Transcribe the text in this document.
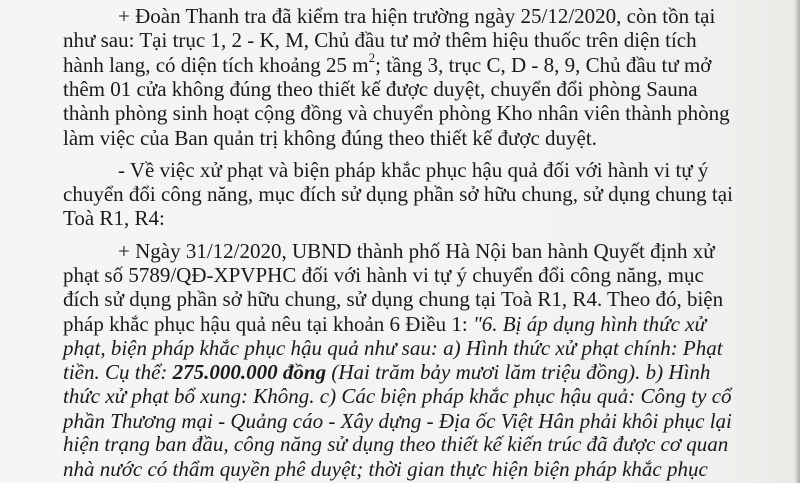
+ Đoàn Thanh tra đã kiểm tra hiện trường ngày 25/12/2020, còn tồn tại
như sau: Tại trục 1, 2 - K, M, Chủ đầu tư mở thêm hiệu thuốc trên diện tích
hành lang, có diện tích khoảng 25 $m^2$; tầng 3, trục C, D - 8, 9, Chủ đầu tư mở
thêm 01 cửa không đúng theo thiết kế được duyệt, chuyển đổi phòng Sauna
thành phòng sinh hoạt cộng đồng và chuyển phòng Kho nhân viên thành phòng
làm việc của Ban quản trị không đúng theo thiết kế được duyệt.
- Về việc xử phạt và biện pháp khắc phục hậu quả đối với hành vi tự ý
chuyển đổi công năng, mục đích sử dụng phần sở hữu chung, sử dụng chung tại
Toà R1, R4:
+ Ngày 31/12/2020, UBND thành phố Hà Nội ban hành Quyết định xử
phạt số 5789/QĐ-XPVPHC đối với hành vi tự ý chuyển đổi công năng, mục
đích sử dụng phần sở hữu chung, sử dụng chung tại Toà R1, R4. Theo đó, biện
pháp khắc phục hậu quả nêu tại khoản 6 Điều 1: "6. Bị áp dụng hình thức xử
phạt, biện pháp khắc phục hậu quả như sau: a) Hình thức xử phạt chính: Phạt
tiền. Cụ thể: 275.000.000 đồng (Hai trăm bảy mươi lăm triệu đồng). b) Hình
thức xử phạt bổ xung: Không. c) Các biện pháp khắc phục hậu quả: Công ty cổ
phần Thương mại - Quảng cáo - Xây dựng - Địa ốc Việt Hân phải khôi phục lại
hiện trạng ban đầu, công năng sử dụng theo thiết kế kiến trúc đã được cơ quan
nhà nước có thẩm quyền phê duyệt; thời gian thực hiện biện pháp khắc phục
